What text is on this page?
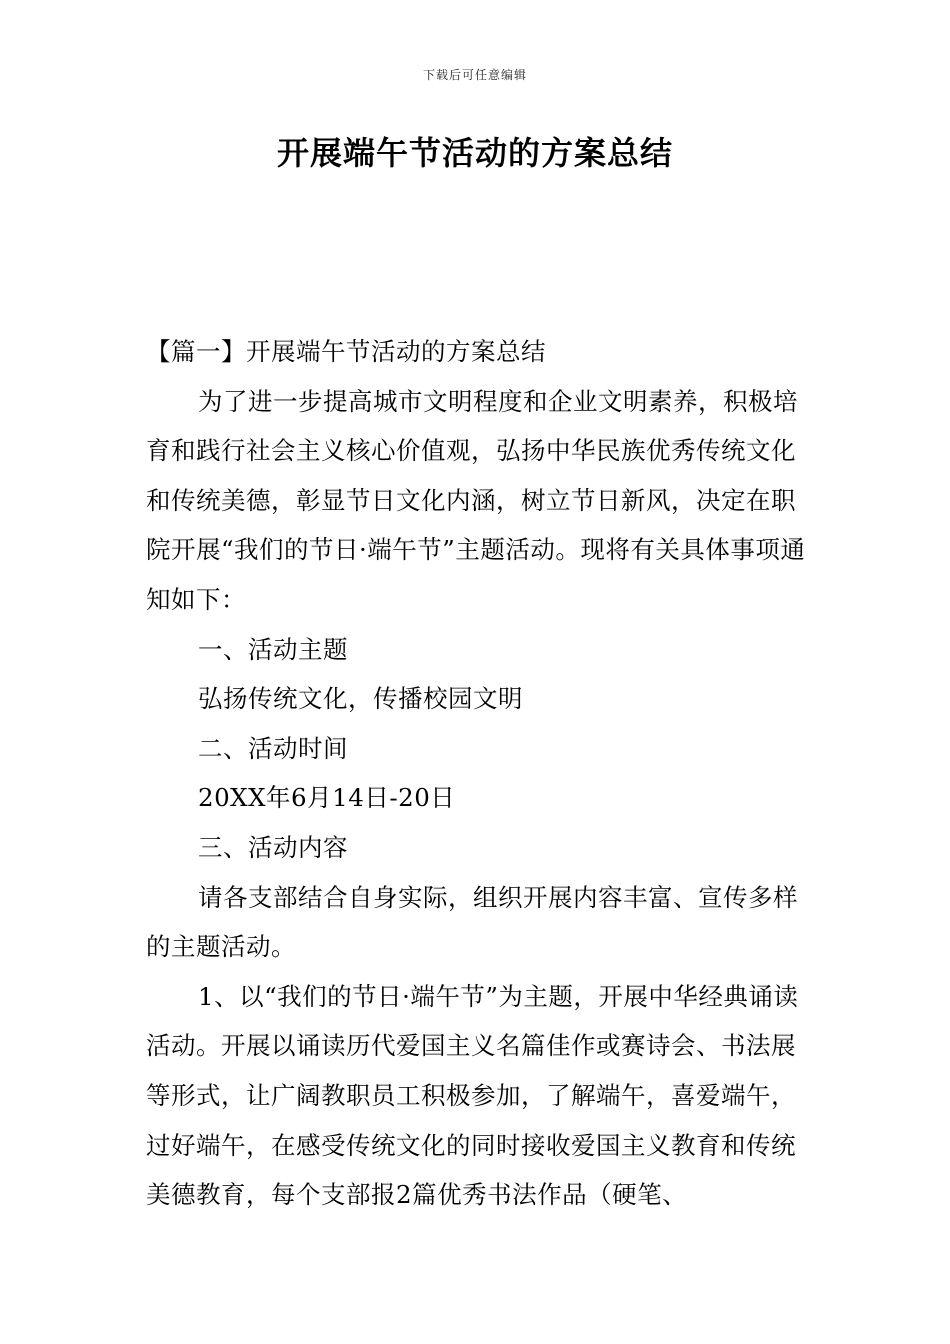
下载后可任意编辑
开展端午节活动的方案总结

【篇一】开展端午节活动的方案总结

为了进一步提高城市文明程度和企业文明素养，积极培育和践行社会主义核心价值观，弘扬中华民族优秀传统文化和传统美德，彰显节日文化内涵，树立节日新风，决定在职院开展“我们的节日·端午节”主题活动。现将有关具体事项通知如下：

一、活动主题

弘扬传统文化，传播校园文明

二、活动时间

20XX年6月14日-20日

三、活动内容

请各支部结合自身实际，组织开展内容丰富、宣传多样的主题活动。

1、以“我们的节日·端午节”为主题，开展中华经典诵读活动。开展以诵读历代爱国主义名篇佳作或赛诗会、书法展等形式，让广阔教职员工积极参加，了解端午，喜爱端午，过好端午，在感受传统文化的同时接收爱国主义教育和传统美德教育，每个支部报2篇优秀书法作品（硬笔、
